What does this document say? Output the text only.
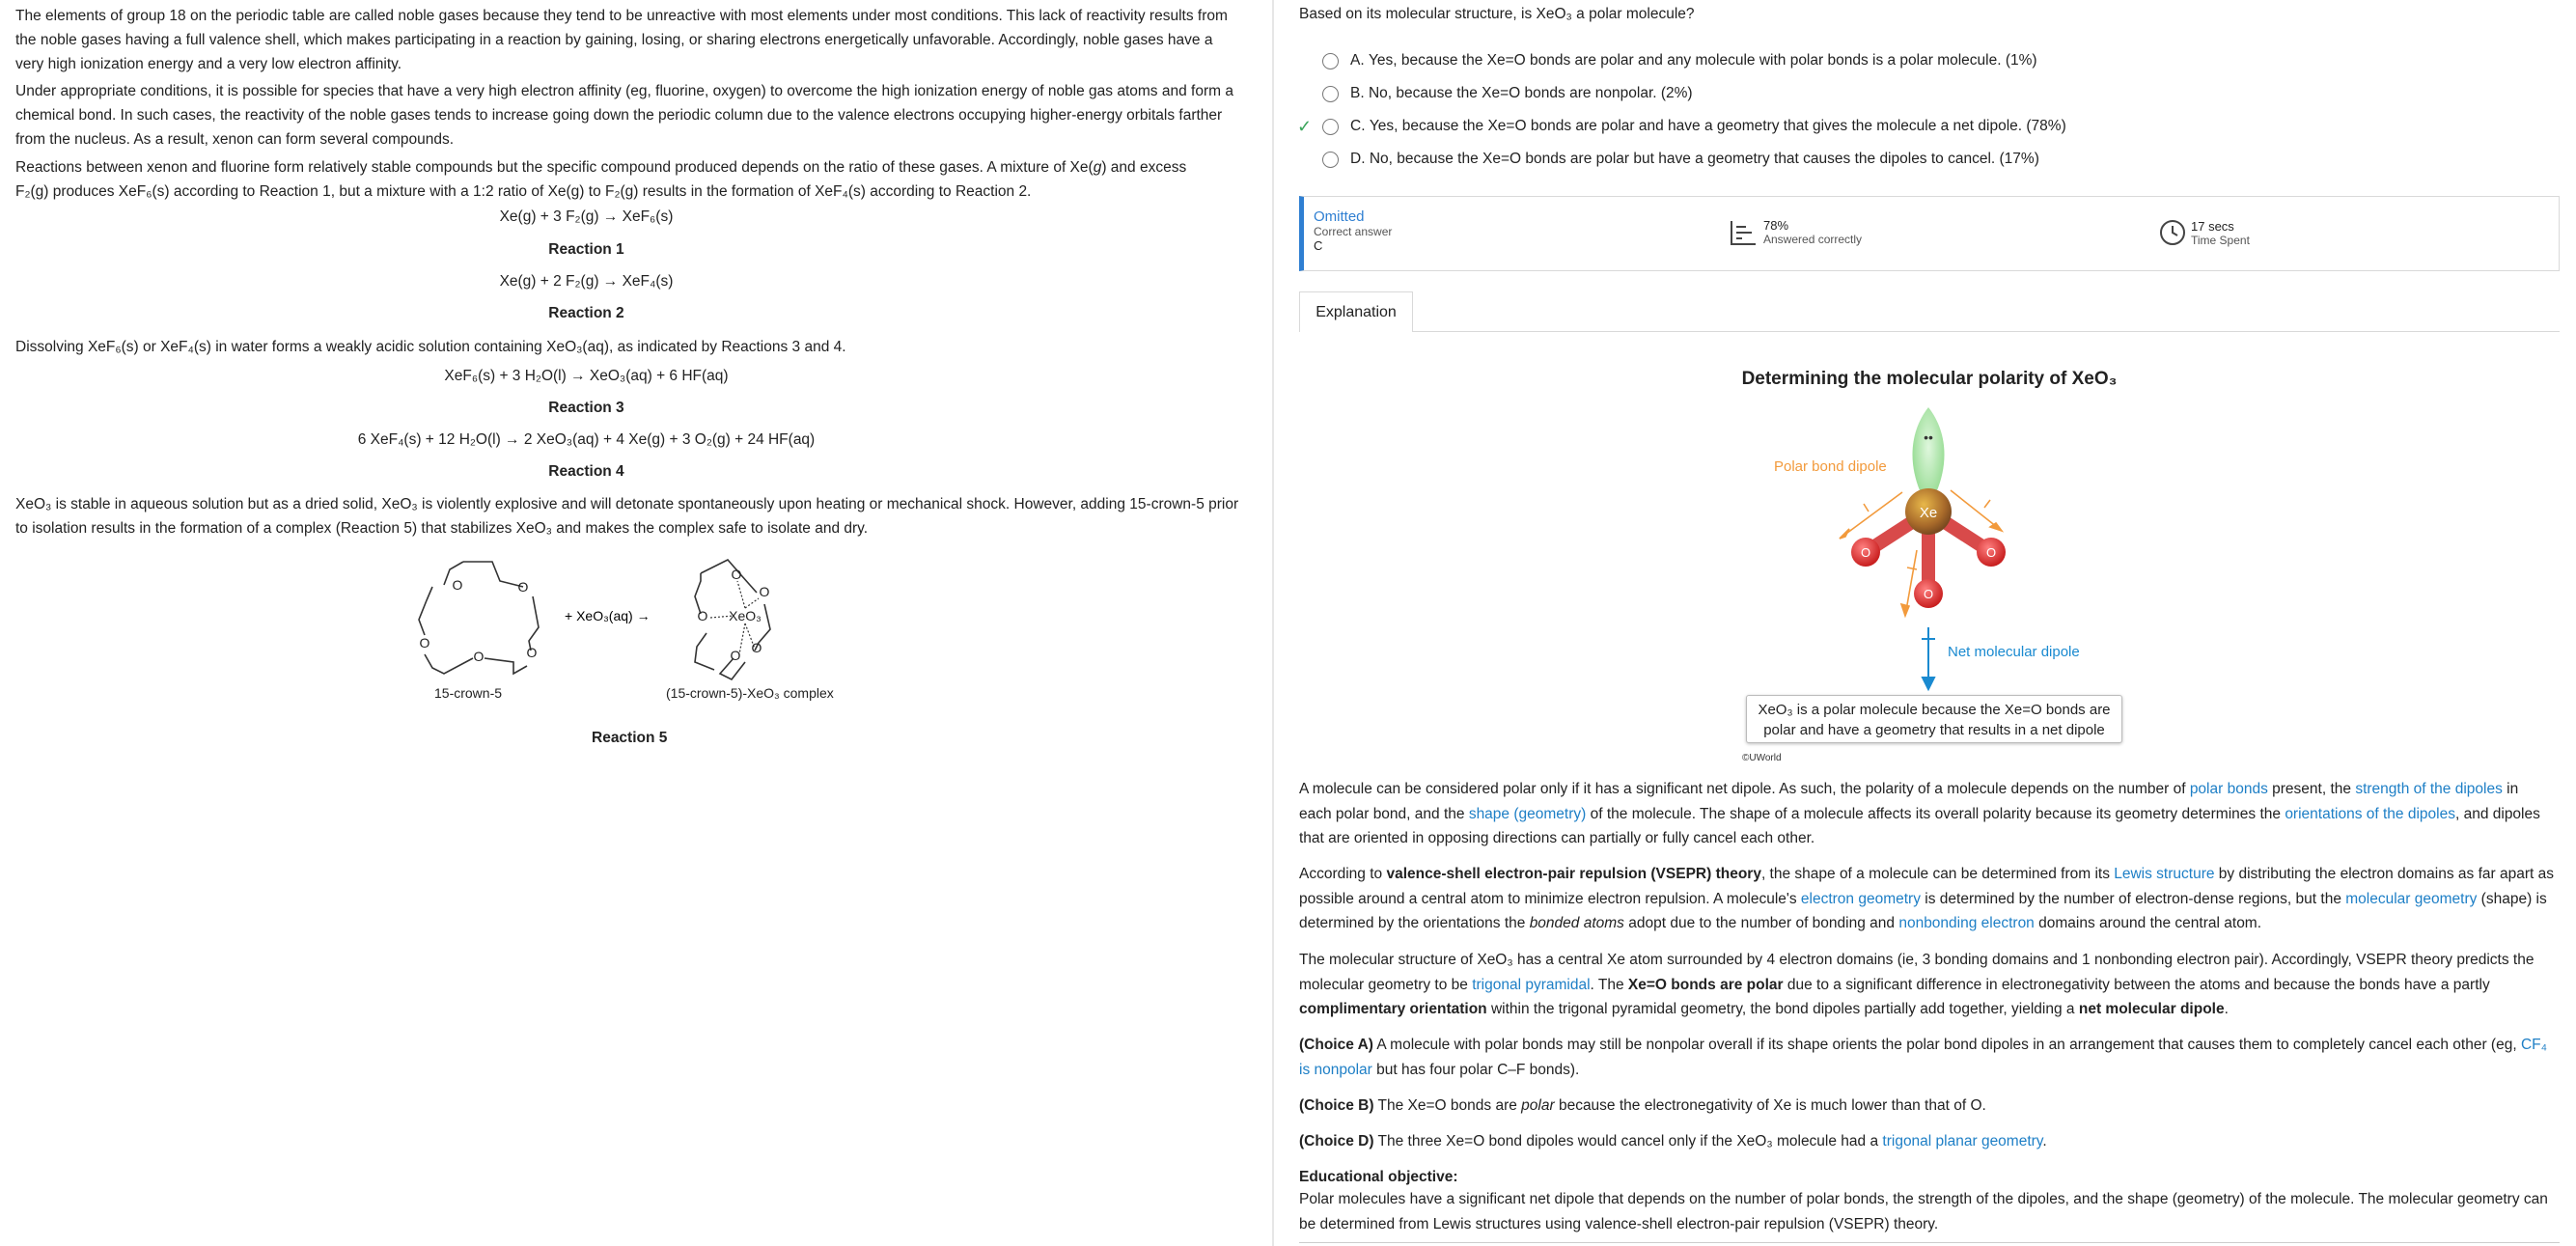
The elements of group 18 on the periodic table are called noble gases because they tend to be unreactive with most elements under most conditions. This lack of reactivity results from the noble gases having a full valence shell, which makes participating in a reaction by gaining, losing, or sharing electrons energetically unfavorable. Accordingly, noble gases have a very high ionization energy and a very low electron affinity.

Under appropriate conditions, it is possible for species that have a very high electron affinity (eg, fluorine, oxygen) to overcome the high ionization energy of noble gas atoms and form a chemical bond. In such cases, the reactivity of the noble gases tends to increase going down the periodic column due to the valence electrons occupying higher-energy orbitals farther from the nucleus. As a result, xenon can form several compounds.

Reactions between xenon and fluorine form relatively stable compounds but the specific compound produced depends on the ratio of these gases. A mixture of Xe(g) and excess
F₂(g) produces XeF₆(s) according to Reaction 1, but a mixture with a 1:2 ratio of Xe(g) to F₂(g) results in the formation of XeF₄(s) according to Reaction 2.

Xe(g) + 3 F₂(g) → XeF₆(s)
Reaction 1
Xe(g) + 2 F₂(g) → XeF₄(s)
Reaction 2

Dissolving XeF₆(s) or XeF₄(s) in water forms a weakly acidic solution containing XeO₃(aq), as indicated by Reactions 3 and 4.

XeF₆(s) + 3 H₂O(l) → XeO₃(aq) + 6 HF(aq)
Reaction 3
6 XeF₄(s) + 12 H₂O(l) → 2 XeO₃(aq) + 4 Xe(g) + 3 O₂(g) + 24 HF(aq)
Reaction 4

XeO₃ is stable in aqueous solution but as a dried solid, XeO₃ is violently explosive and will detonate spontaneously upon heating or mechanical shock. However, adding 15-crown-5 prior to isolation results in the formation of a complex (Reaction 5) that stabilizes XeO₃ and makes the complex safe to isolate and dry.

O	O
O
O
O
+ XeO₃(aq) →
O
O
O
O
O
XeO₃
15-crown-5	(15-crown-5)-XeO₃ complex
Reaction 5
Based on its molecular structure, is XeO₃ a polar molecule?
A.
Yes, because the Xe=O bonds are polar and any molecule with polar bonds is a polar molecule. (1%)
B.
No, because the Xe=O bonds are nonpolar. (2%)
✓	C.
Yes, because the Xe=O bonds are polar and have a geometry that gives the molecule a net dipole. (78%)
D.
No, because the Xe=O bonds are polar but have a geometry that causes the dipoles to cancel. (17%)
Omitted
Correct answer
C
78%
Answered correctly
17 secs
Time Spent
Explanation
Determining the molecular polarity of XeO₃
••
Xe
O	O
O
Polar bond dipole
Net molecular dipole
XeO₃ is a polar molecule because the Xe=O bonds are
polar and have a geometry that results in a net dipole
©UWorld

A molecule can be considered polar only if it has a significant net dipole. As such, the polarity of a molecule depends on the number of polar bonds present, the strength of the dipoles in each polar bond, and the shape (geometry) of the molecule. The shape of a molecule affects its overall polarity because its geometry determines the orientations of the dipoles, and dipoles that are oriented in opposing directions can partially or fully cancel each other.

According to valence-shell electron-pair repulsion (VSEPR) theory, the shape of a molecule can be determined from its Lewis structure by distributing the electron domains as far apart as possible around a central atom to minimize electron repulsion. A molecule's electron geometry is determined by the number of electron-dense regions, but the molecular geometry (shape) is determined by the orientations the bonded atoms adopt due to the number of bonding and nonbonding electron domains around the central atom.

The molecular structure of XeO₃ has a central Xe atom surrounded by 4 electron domains (ie, 3 bonding domains and 1 nonbonding electron pair). Accordingly, VSEPR theory predicts the molecular geometry to be trigonal pyramidal. The Xe=O bonds are polar due to a significant difference in electronegativity between the atoms and because the bonds have a partly complimentary orientation within the trigonal pyramidal geometry, the bond dipoles partially add together, yielding a net molecular dipole.

(Choice A) A molecule with polar bonds may still be nonpolar overall if its shape orients the polar bond dipoles in an arrangement that causes them to completely cancel each other (eg, CF₄ is nonpolar but has four polar C–F bonds).

(Choice B) The Xe=O bonds are polar because the electronegativity of Xe is much lower than that of O.

(Choice D) The three Xe=O bond dipoles would cancel only if the XeO₃ molecule had a trigonal planar geometry.

Educational objective:

Polar molecules have a significant net dipole that depends on the number of polar bonds, the strength of the dipoles, and the shape (geometry) of the molecule. The molecular geometry can be determined from Lewis structures using valence-shell electron-pair repulsion (VSEPR) theory.
